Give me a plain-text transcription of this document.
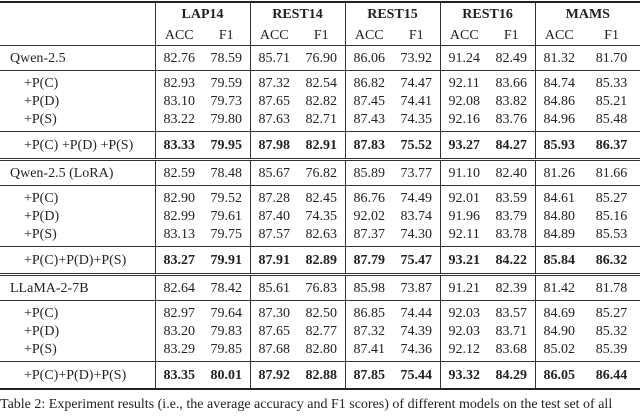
	LAP14		REST14		REST15		REST16		MAMS	
	ACC	F1	ACC	F1	ACC	F1	ACC	F1	ACC	F1
Qwen-2.5	82.76	78.59	85.71	76.90	86.06	73.92	91.24	82.49	81.32	81.70
+P(C)	82.93	79.59	87.32	82.54	86.82	74.47	92.11	83.66	84.74	85.33
+P(D)	83.10	79.73	87.65	82.82	87.45	74.41	92.08	83.82	84.86	85.21
+P(S)	83.22	79.80	87.63	82.71	87.43	74.35	92.16	83.76	84.96	85.48
+P(C) +P(D) +P(S)	83.33	79.95	87.98	82.91	87.83	75.52	93.27	84.27	85.93	86.37
Qwen-2.5 (LoRA)	82.59	78.48	85.67	76.82	85.89	73.77	91.10	82.40	81.26	81.66
+P(C)	82.90	79.52	87.28	82.45	86.76	74.49	92.01	83.59	84.61	85.27
+P(D)	82.99	79.61	87.40	74.35	92.02	83.74	91.96	83.79	84.80	85.16
+P(S)	83.13	79.75	87.57	82.63	87.37	74.30	92.11	83.78	84.89	85.53
+P(C)+P(D)+P(S)	83.27	79.91	87.91	82.89	87.79	75.47	93.21	84.22	85.84	86.32
LLaMA-2-7B	82.64	78.42	85.61	76.83	85.98	73.87	91.21	82.39	81.42	81.78
+P(C)	82.97	79.64	87.30	82.50	86.85	74.44	92.03	83.57	84.69	85.27
+P(D)	83.20	79.83	87.65	82.77	87.32	74.39	92.03	83.71	84.90	85.32
+P(S)	83.29	79.85	87.68	82.80	87.41	74.36	92.12	83.68	85.02	85.39
+P(C)+P(D)+P(S)	83.35	80.01	87.92	82.88	87.85	75.44	93.32	84.29	86.05	86.44
Table 2: Experiment results (i.e., the average accuracy and F1 scores) of different models on the test set of all
